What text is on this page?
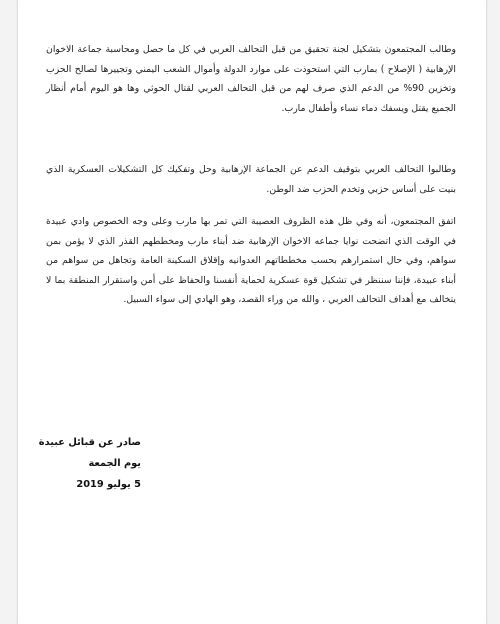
وطالب المجتمعون بتشكيل لجنة تحقيق من قبل التحالف العربي في كل ما حصل ومحاسبة جماعة الاخوان الإرهابية ( الإصلاح ) بمارب التي استحوذت على موارد الدولة وأموال الشعب اليمني وتجييرها لصالح الحزب وتخزين 90% من الدعم الذي صرف لهم من قبل التحالف العربي لقتال الحوثي وها هو اليوم أمام أنظار الجميع يقتل ويسفك دماء نساء وأطفال مارب.

وطالبوا التحالف العربي بتوقيف الدعم عن الجماعة الإرهابية وحل وتفكيك كل التشكيلات العسكرية الذي بنيت على أساس حزبي وتخدم الحزب ضد الوطن.

اتفق المجتمعون، أنه وفي ظل هذه الظروف العصيبة التي تمر بها مارب وعلى وجه الخصوص وادي عبيدة في الوقت الذي اتضحت نوايا جماعه الاخوان الإرهابية ضد أبناء مارب ومخططهم القذر الذي لا يؤمن بمن سواهم، وفي حال استمرارهم بحسب مخططاتهم العدوانيه وإقلاق السكينة العامة وتجاهل من سواهم من أبناء عبيدة، فإننا سننظر في تشكيل قوة عسكرية لحماية أنفسنا والحفاظ على أمن واستقرار المنطقة بما لا يتخالف مع أهداف التحالف العربي ، والله من وراء القصد، وهو الهادي إلى سواء السبيل.

صادر عن قبائل عبيدة
يوم الجمعة
5 يوليو 2019
